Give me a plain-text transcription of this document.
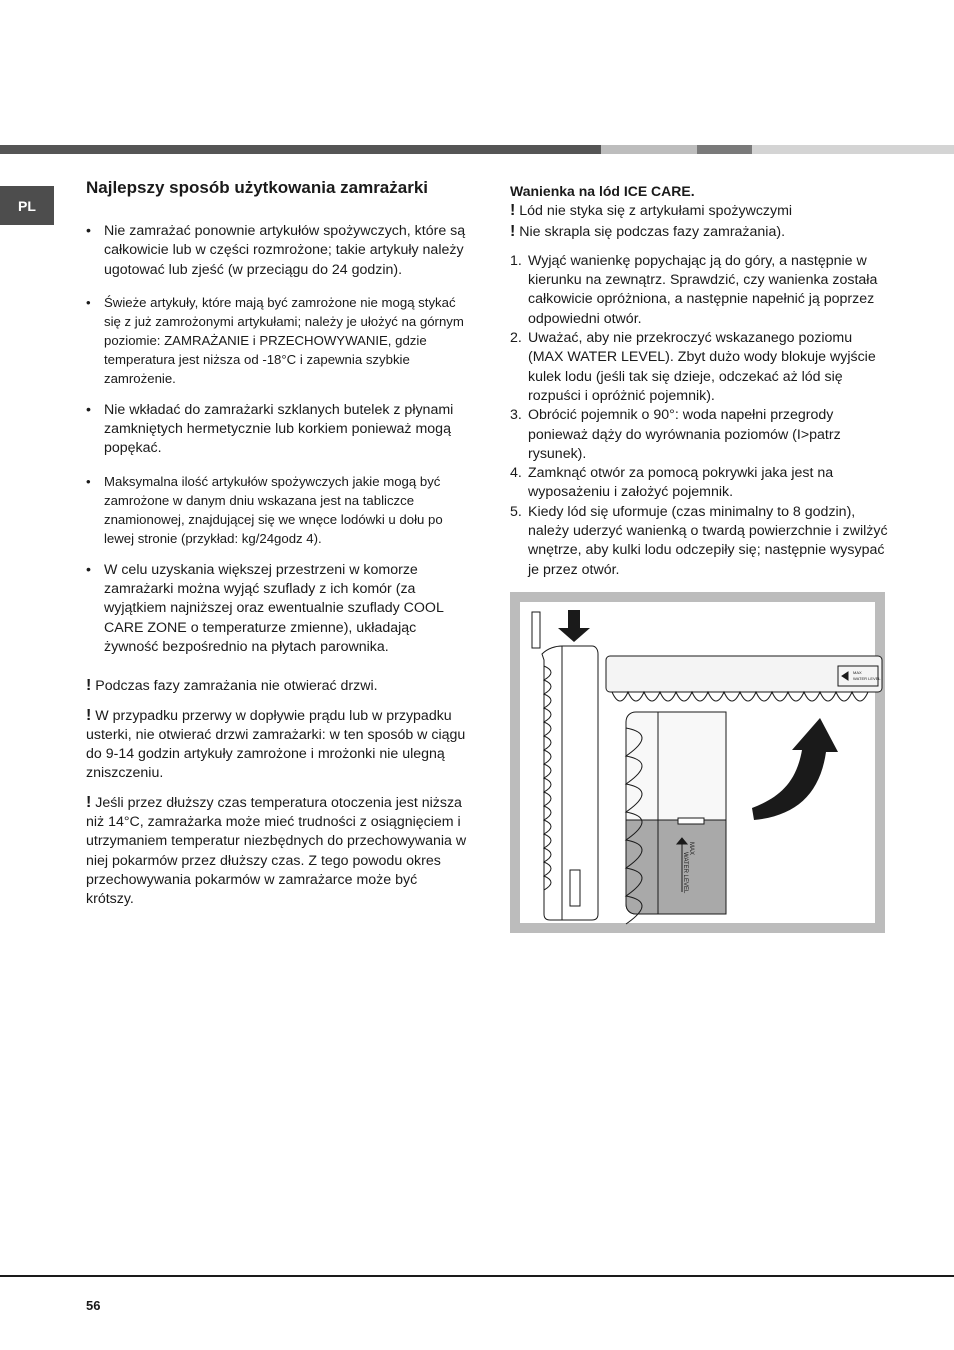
PL
Najlepszy sposób użytkowania zamrażarki
• Nie zamrażać ponownie artykułów spożywczych, które są całkowicie lub w części rozmrożone; takie artykuły należy ugotować lub zjeść (w przeciągu do 24 godzin).
• Świeże artykuły, które mają być zamrożone nie mogą stykać się z już zamrożonymi artykułami; należy je ułożyć na górnym poziomie: ZAMRAŻANIE i PRZECHOWYWANIE, gdzie temperatura jest niższa od -18°C i zapewnia szybkie zamrożenie.
• Nie wkładać do zamrażarki szklanych butelek z płynami zamkniętych hermetycznie lub korkiem ponieważ mogą popękać.
• Maksymalna ilość artykułów spożywczych jakie mogą być zamrożone w danym dniu wskazana jest na tabliczce znamionowej, znajdującej się we wnęce lodówki u dołu po lewej stronie (przykład: kg/24godz 4).
• W celu uzyskania większej przestrzeni w komorze zamrażarki można wyjąć szuflady z ich komór (za wyjątkiem najniższej oraz ewentualnie szuflady COOL CARE ZONE o temperaturze zmienne), układając żywność bezpośrednio na płytach parownika.

! Podczas fazy zamrażania nie otwierać drzwi.

! W przypadku przerwy w dopływie prądu lub w przypadku usterki, nie otwierać drzwi zamrażarki: w ten sposób w ciągu do 9-14 godzin artykuły zamrożone i mrożonki nie ulegną zniszczeniu.

! Jeśli przez dłuższy czas temperatura otoczenia jest niższa niż 14°C, zamrażarka może mieć trudności z osiągnięciem i utrzymaniem temperatur niezbędnych do przechowywania w niej pokarmów przez dłuższy czas. Z tego powodu okres przechowywania pokarmów w zamrażarce może być krótszy.

Wanienka na lód ICE CARE.
! Lód nie styka się z artykułami spożywczymi
! Nie skrapla się podczas fazy zamrażania).
1. Wyjąć wanienkę popychając ją do góry, a następnie w kierunku na zewnątrz. Sprawdzić, czy wanienka została całkowicie opróżniona, a następnie napełnić ją poprzez odpowiedni otwór.
2. Uważać, aby nie przekroczyć wskazanego poziomu (MAX WATER LEVEL). Zbyt dużo wody blokuje wyjście kulek lodu (jeśli tak się dzieje, odczekać aż lód się rozpuści i opróżnić pojemnik).
3. Obrócić pojemnik o 90°: woda napełni przegrody ponieważ dąży do wyrównania poziomów (I>patrz rysunek).
4. Zamknąć otwór za pomocą pokrywki jaka jest na wyposażeniu i założyć pojemnik.
5. Kiedy lód się uformuje (czas minimalny to 8 godzin), należy uderzyć wanienką o twardą powierzchnie i zwilżyć wnętrze, aby kulki lodu odczepiły się; następnie wysypać je przez otwór.
MAX
WATER LEVEL
MAX
WATER LEVEL
56
